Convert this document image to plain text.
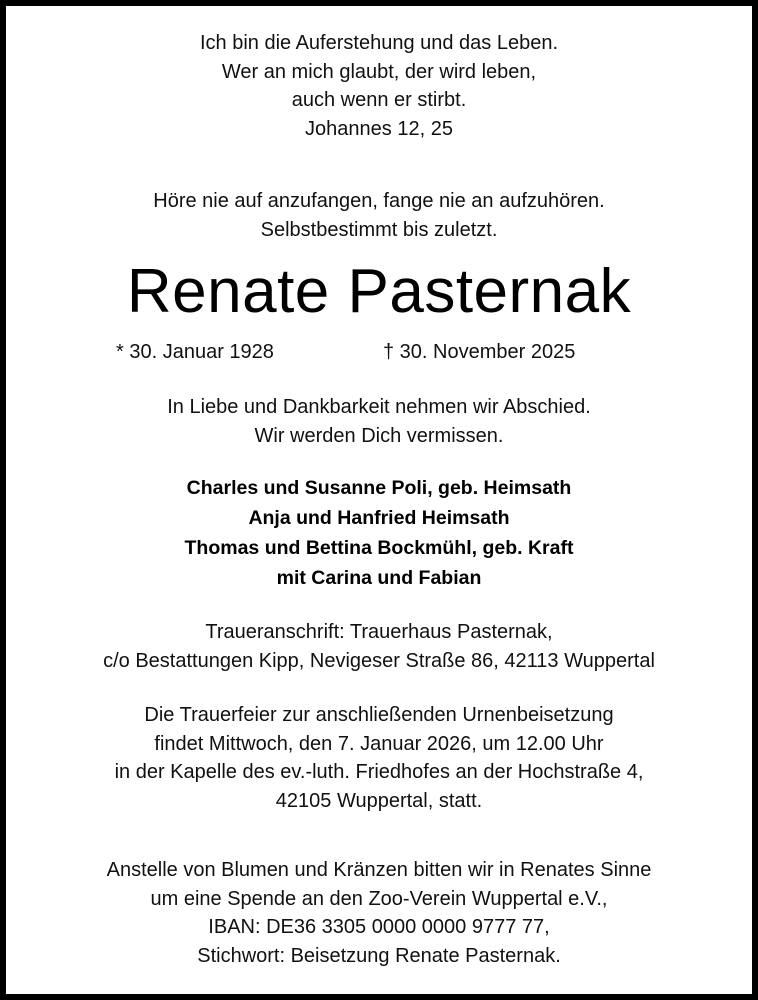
Ich bin die Auferstehung und das Leben.
Wer an mich glaubt, der wird leben,
auch wenn er stirbt.
Johannes 12, 25
Höre nie auf anzufangen, fange nie an aufzuhören.
Selbstbestimmt bis zuletzt.
Renate Pasternak
* 30. Januar 1928	† 30. November 2025
In Liebe und Dankbarkeit nehmen wir Abschied.
Wir werden Dich vermissen.
Charles und Susanne Poli, geb. Heimsath
Anja und Hanfried Heimsath
Thomas und Bettina Bockmühl, geb. Kraft
mit Carina und Fabian
Traueranschrift: Trauerhaus Pasternak,
c/o Bestattungen Kipp, Nevigeser Straße 86, 42113 Wuppertal
Die Trauerfeier zur anschließenden Urnenbeisetzung
findet Mittwoch, den 7. Januar 2026, um 12.00 Uhr
in der Kapelle des ev.-luth. Friedhofes an der Hochstraße 4,
42105 Wuppertal, statt.
Anstelle von Blumen und Kränzen bitten wir in Renates Sinne
um eine Spende an den Zoo-Verein Wuppertal e.V.,
IBAN: DE36 3305 0000 0000 9777 77,
Stichwort: Beisetzung Renate Pasternak.
